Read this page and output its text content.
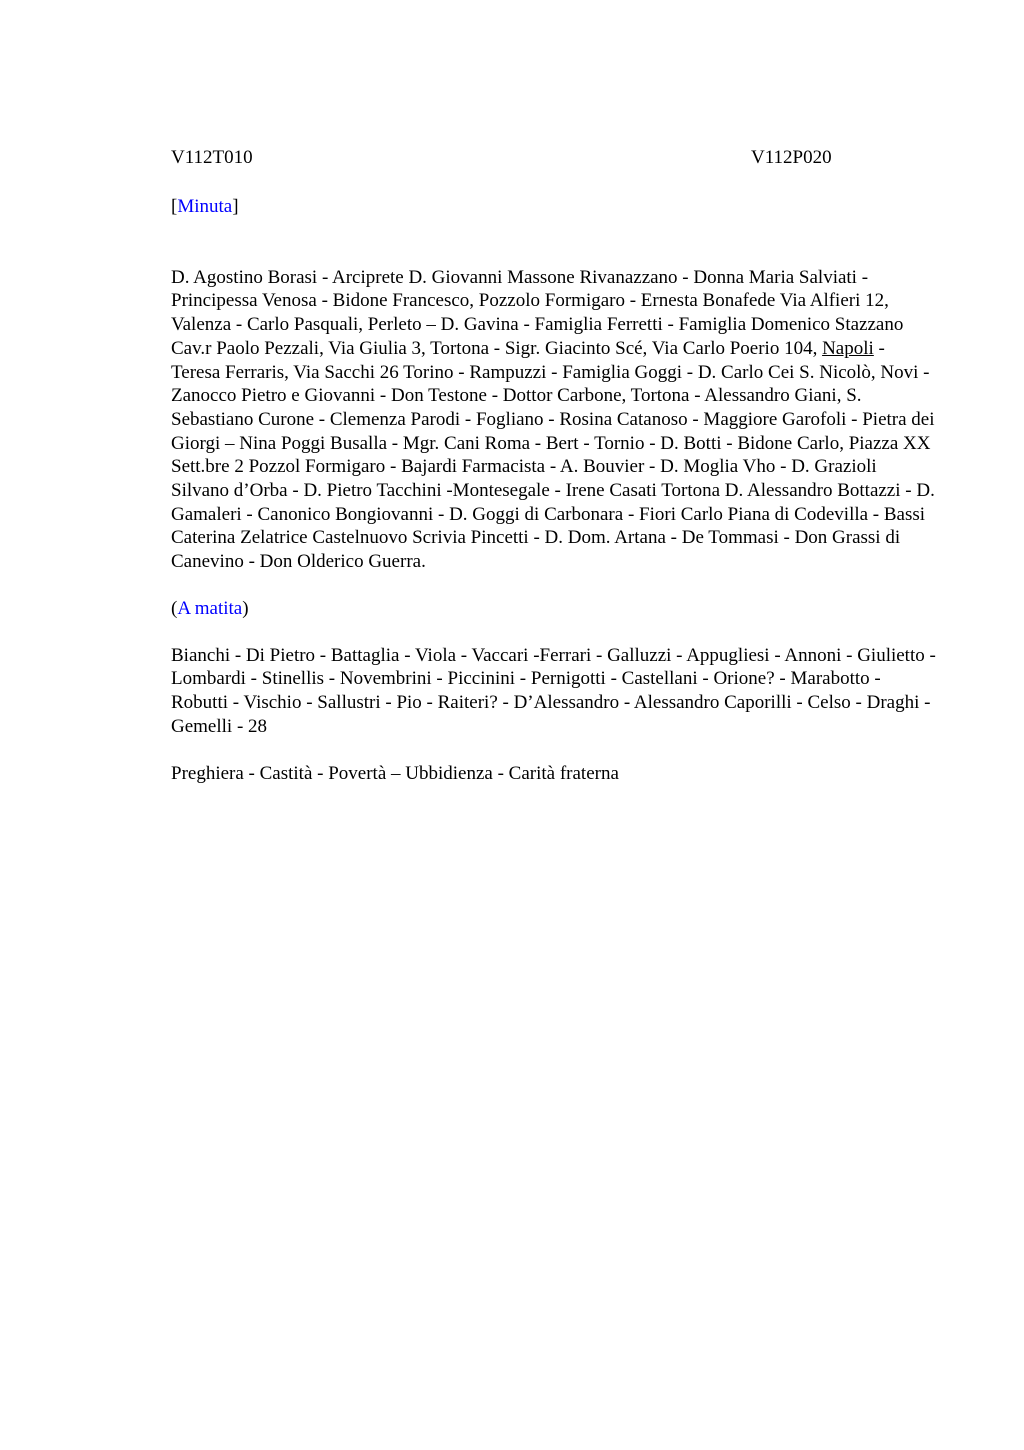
V112T010	V112P020
[Minuta]

D. Agostino Borasi - Arciprete D. Giovanni Massone Rivanazzano - Donna Maria Salviati - Principessa Venosa - Bidone Francesco, Pozzolo Formigaro - Ernesta Bonafede Via Alfieri 12, Valenza - Carlo Pasquali, Perleto – D. Gavina - Famiglia Ferretti - Famiglia Domenico Stazzano Cav.r Paolo Pezzali, Via Giulia 3, Tortona - Sigr. Giacinto Scé, Via Carlo Poerio 104, Napoli - Teresa Ferraris, Via Sacchi 26 Torino - Rampuzzi - Famiglia Goggi - D. Carlo Cei S. Nicolò, Novi - Zanocco Pietro e Giovanni - Don Testone - Dottor Carbone, Tortona - Alessandro Giani, S. Sebastiano Curone - Clemenza Parodi - Fogliano - Rosina Catanoso - Maggiore Garofoli - Pietra dei Giorgi – Nina Poggi Busalla - Mgr. Cani Roma - Bert - Tornio - D. Botti - Bidone Carlo, Piazza XX Sett.bre 2 Pozzol Formigaro - Bajardi Farmacista - A. Bouvier - D. Moglia Vho - D. Grazioli Silvano d’Orba - D. Pietro Tacchini -Montesegale - Irene Casati Tortona D. Alessandro Bottazzi - D. Gamaleri - Canonico Bongiovanni - D. Goggi di Carbonara - Fiori Carlo Piana di Codevilla - Bassi Caterina Zelatrice Castelnuovo Scrivia Pincetti - D. Dom. Artana - De Tommasi - Don Grassi di Canevino - Don Olderico Guerra.

(A matita)

Bianchi - Di Pietro - Battaglia - Viola - Vaccari -Ferrari - Galluzzi - Appugliesi - Annoni - Giulietto - Lombardi - Stinellis - Novembrini - Piccinini - Pernigotti - Castellani - Orione? - Marabotto - Robutti - Vischio - Sallustri - Pio - Raiteri? - D’Alessandro - Alessandro Caporilli - Celso - Draghi - Gemelli - 28

Preghiera - Castità - Povertà – Ubbidienza - Carità fraterna
